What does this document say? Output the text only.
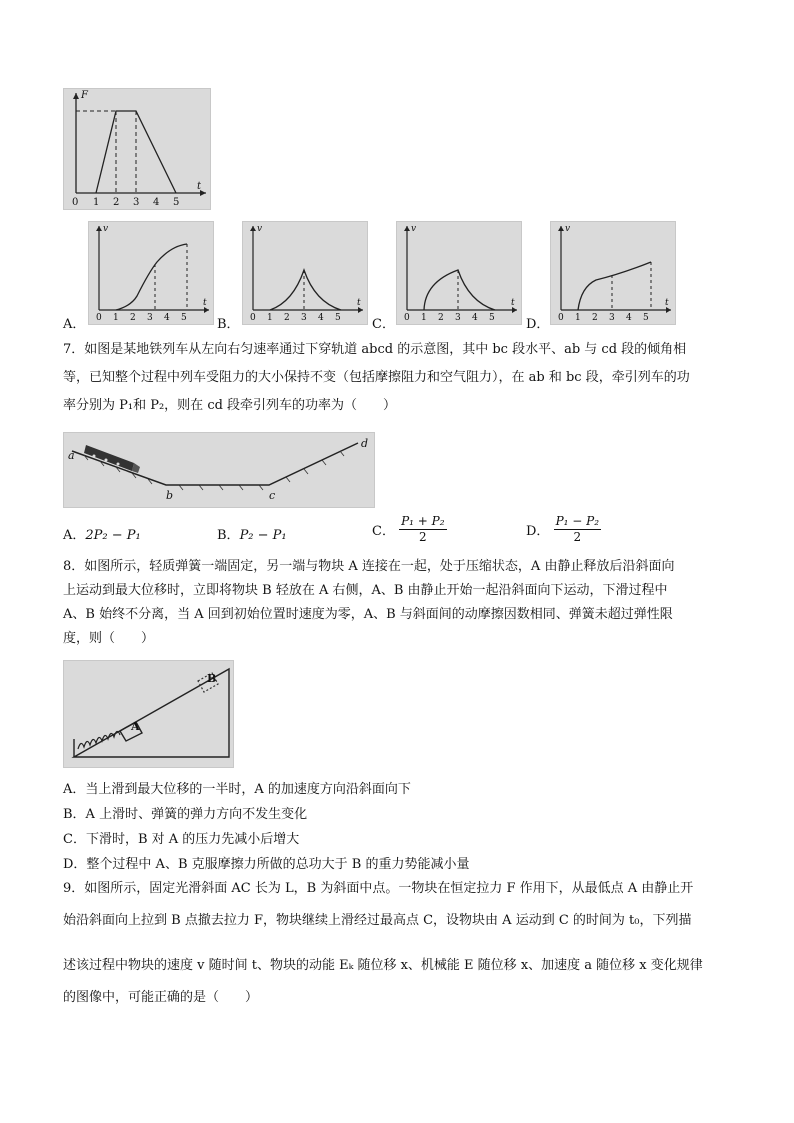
F
t
0 1 2 3 4 5
A．
v
t
0 1 2 3 4 5 B．
v
t
0 1 2 3 4 5 C．
v
t
0 1 2 3 4 5 D．
v
t
0 1 2 3 4 5
7．如图是某地铁列车从左向右匀速率通过下穿轨道 abcd 的示意图，其中 bc 段水平、ab 与 cd 段的倾角相
等，已知整个过程中列车受阻力的大小保持不变（包括摩擦阻力和空气阻力），在 ab 和 bc 段，牵引列车的功
率分别为 P₁和 P₂，则在 cd 段牵引列车的功率为（　　）
a
b	c
d
A．2P₂ − P₁	B．P₂ − P₁	C． $\frac{\text{P₁ + P₂}}{2}$	D． $\frac{\text{P₁ − P₂}}{2}$
8．如图所示，轻质弹簧一端固定，另一端与物块 A 连接在一起，处于压缩状态，A 由静止释放后沿斜面向
上运动到最大位移时，立即将物块 B 轻放在 A 右侧，A、B 由静止开始一起沿斜面向下运动，下滑过程中
A、B 始终不分离，当 A 回到初始位置时速度为零，A、B 与斜面间的动摩擦因数相同、弹簧未超过弹性限
度，则（　　）
A
B
A．当上滑到最大位移的一半时，A 的加速度方向沿斜面向下
B．A 上滑时、弹簧的弹力方向不发生变化
C．下滑时，B 对 A 的压力先减小后增大
D．整个过程中 A、B 克服摩擦力所做的总功大于 B 的重力势能减小量
9．如图所示，固定光滑斜面 AC 长为 L，B 为斜面中点。一物块在恒定拉力 F 作用下，从最低点 A 由静止开
始沿斜面向上拉到 B 点撤去拉力 F，物块继续上滑经过最高点 C，设物块由 A 运动到 C 的时间为 t₀，下列描
述该过程中物块的速度 v 随时间 t、物块的动能 Eₖ 随位移 x、机械能 E 随位移 x、加速度 a 随位移 x 变化规律
的图像中，可能正确的是（　　）
